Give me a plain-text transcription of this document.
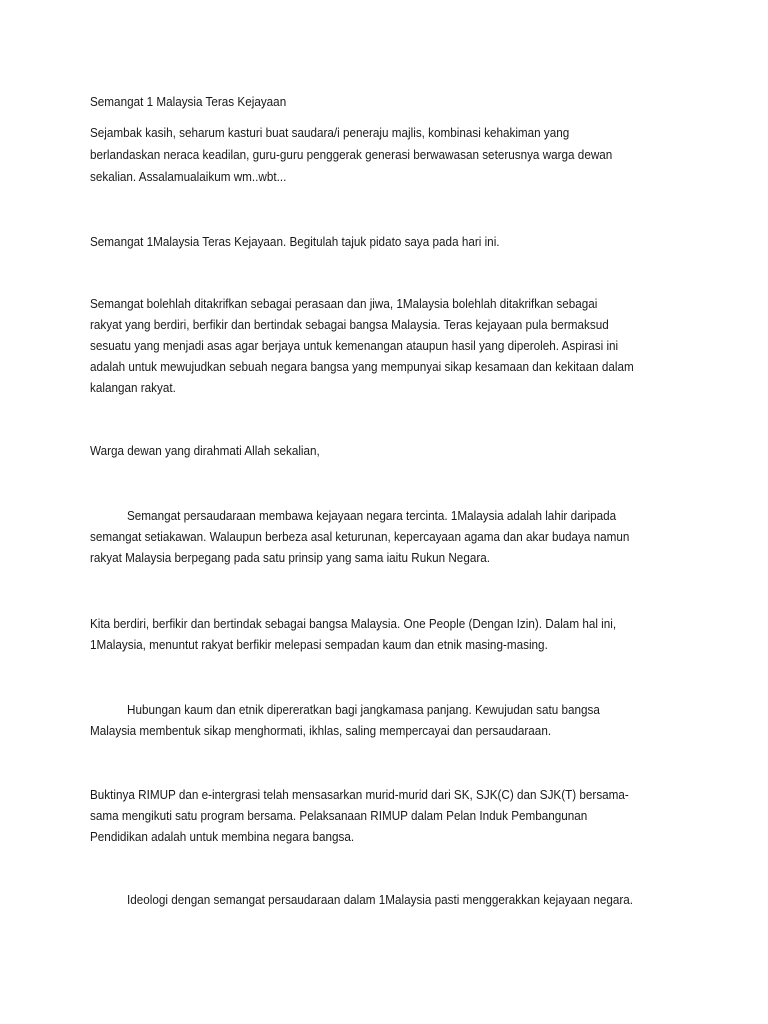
Semangat 1 Malaysia Teras Kejayaan
Sejambak kasih, seharum kasturi buat saudara/i peneraju majlis, kombinasi kehakiman yang
berlandaskan neraca keadilan, guru-guru penggerak generasi berwawasan seterusnya warga dewan
sekalian. Assalamualaikum wm..wbt...
Semangat 1Malaysia Teras Kejayaan. Begitulah tajuk pidato saya pada hari ini.
Semangat bolehlah ditakrifkan sebagai perasaan dan jiwa, 1Malaysia bolehlah ditakrifkan sebagai
rakyat yang berdiri, berfikir dan bertindak sebagai bangsa Malaysia. Teras kejayaan pula bermaksud
sesuatu yang menjadi asas agar berjaya untuk kemenangan ataupun hasil yang diperoleh. Aspirasi ini
adalah untuk mewujudkan sebuah negara bangsa yang mempunyai sikap kesamaan dan kekitaan dalam
kalangan rakyat.
Warga dewan yang dirahmati Allah sekalian,
Semangat persaudaraan membawa kejayaan negara tercinta. 1Malaysia adalah lahir daripada
semangat setiakawan. Walaupun berbeza asal keturunan, kepercayaan agama dan akar budaya namun
rakyat Malaysia berpegang pada satu prinsip yang sama iaitu Rukun Negara.
Kita berdiri, berfikir dan bertindak sebagai bangsa Malaysia. One People (Dengan Izin). Dalam hal ini,
1Malaysia, menuntut rakyat berfikir melepasi sempadan kaum dan etnik masing-masing.
Hubungan kaum dan etnik dipereratkan bagi jangkamasa panjang. Kewujudan satu bangsa
Malaysia membentuk sikap menghormati, ikhlas, saling mempercayai dan persaudaraan.
Buktinya RIMUP dan e-intergrasi telah mensasarkan murid-murid dari SK, SJK(C) dan SJK(T) bersama-
sama mengikuti satu program bersama. Pelaksanaan RIMUP dalam Pelan Induk Pembangunan
Pendidikan adalah untuk membina negara bangsa.
Ideologi dengan semangat persaudaraan dalam 1Malaysia pasti menggerakkan kejayaan negara.
